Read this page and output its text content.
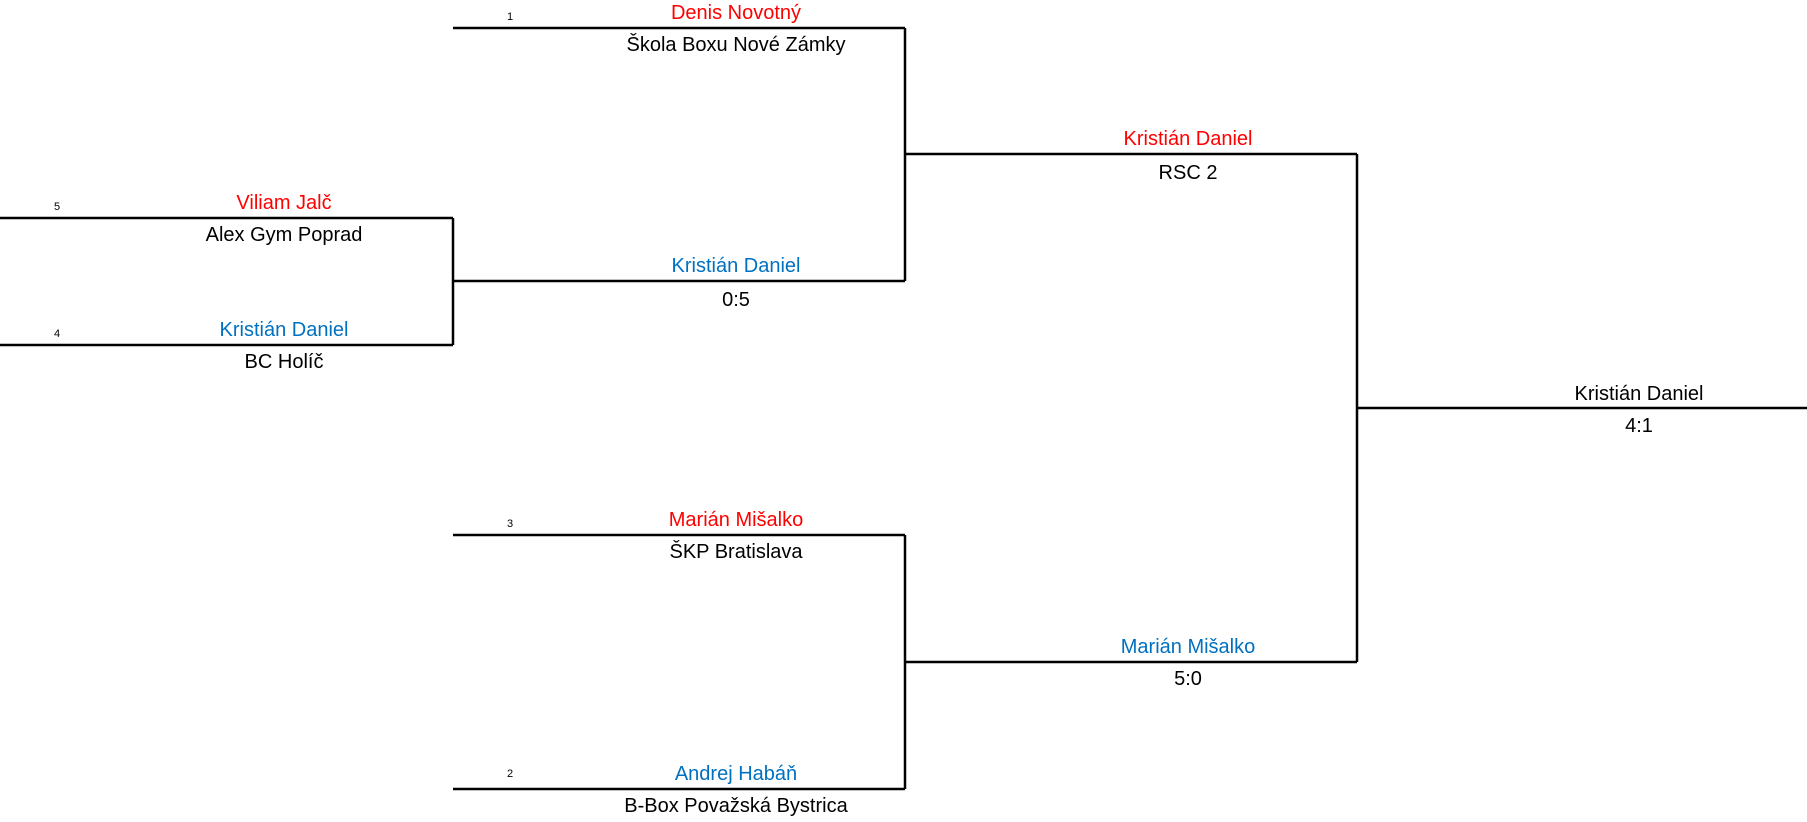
5	Viliam Jalč
Alex Gym Poprad
4	Kristián Daniel
BC Holíč
1	Denis Novotný
Škola Boxu Nové Zámky
Kristián Daniel
0:5
3	Marián Mišalko
ŠKP Bratislava
2	Andrej Habáň
B-Box Považská Bystrica
Kristián Daniel
RSC 2
Marián Mišalko
5:0
Kristián Daniel
4:1
